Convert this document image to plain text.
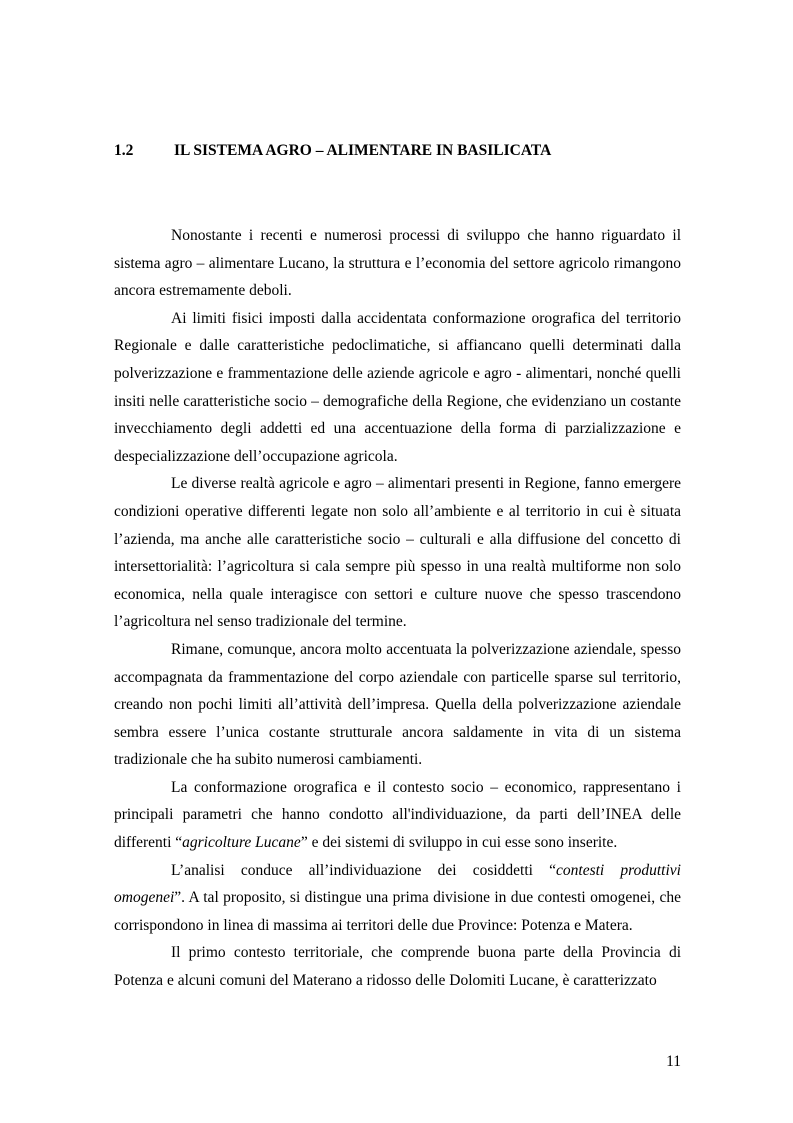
1.2	IL SISTEMA AGRO – ALIMENTARE IN BASILICATA

Nonostante i recenti e numerosi processi di sviluppo che hanno riguardato il sistema agro – alimentare Lucano, la struttura e l’economia del settore agricolo rimangono ancora estremamente deboli.

Ai limiti fisici imposti dalla accidentata conformazione orografica del territorio Regionale e dalle caratteristiche pedoclimatiche, si affiancano quelli determinati dalla polverizzazione e frammentazione delle aziende agricole e agro - alimentari, nonché quelli insiti nelle caratteristiche socio – demografiche della Regione, che evidenziano un costante invecchiamento degli addetti ed una accentuazione della forma di parzializzazione e despecializzazione dell’occupazione agricola.

Le diverse realtà agricole e agro – alimentari presenti in Regione, fanno emergere condizioni operative differenti legate non solo all’ambiente e al territorio in cui è situata l’azienda, ma anche alle caratteristiche socio – culturali e alla diffusione del concetto di intersettorialità: l’agricoltura si cala sempre più spesso in una realtà multiforme non solo economica, nella quale interagisce con settori e culture nuove che spesso trascendono l’agricoltura nel senso tradizionale del termine.

Rimane, comunque, ancora molto accentuata la polverizzazione aziendale, spesso accompagnata da frammentazione del corpo aziendale con particelle sparse sul territorio, creando non pochi limiti all’attività dell’impresa. Quella della polverizzazione aziendale sembra essere l’unica costante strutturale ancora saldamente in vita di un sistema tradizionale che ha subito numerosi cambiamenti.

La conformazione orografica e il contesto socio – economico, rappresentano i principali parametri che hanno condotto all'individuazione, da parti dell’INEA delle differenti “agricolture Lucane” e dei sistemi di sviluppo in cui esse sono inserite.

L’analisi conduce all’individuazione dei cosiddetti “contesti produttivi omogenei”. A tal proposito, si distingue una prima divisione in due contesti omogenei, che corrispondono in linea di massima ai territori delle due Province: Potenza e Matera.

Il primo contesto territoriale, che comprende buona parte della Provincia di Potenza e alcuni comuni del Materano a ridosso delle Dolomiti Lucane, è caratterizzato

11
